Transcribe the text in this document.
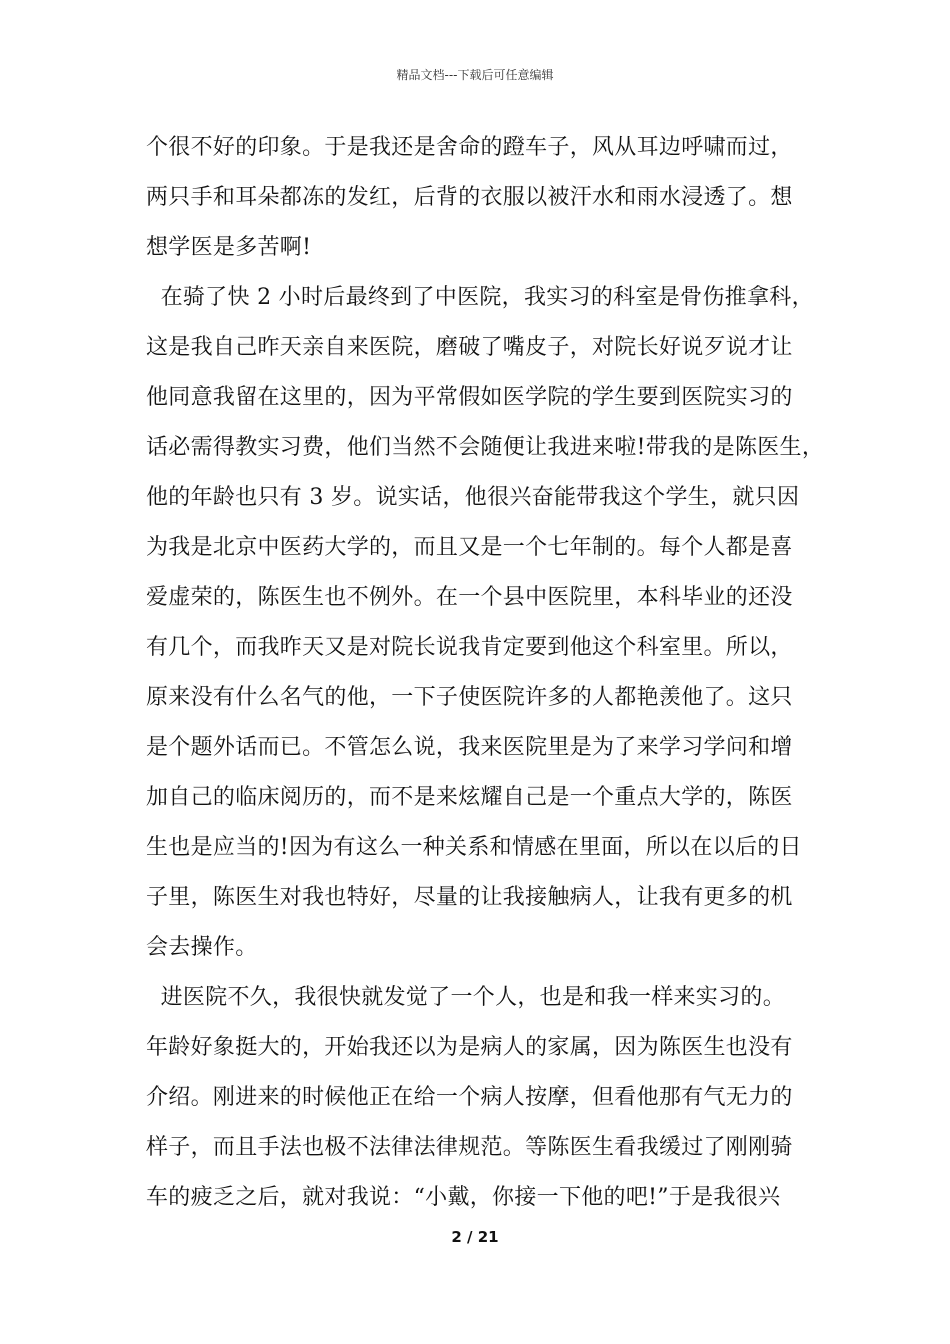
精品文档---下载后可任意编辑
个很不好的印象。于是我还是舍命的蹬车子，风从耳边呼啸而过，
两只手和耳朵都冻的发红，后背的衣服以被汗水和雨水浸透了。想
想学医是多苦啊!
在骑了快 2 小时后最终到了中医院，我实习的科室是骨伤推拿科，
这是我自己昨天亲自来医院，磨破了嘴皮子，对院长好说歹说才让
他同意我留在这里的，因为平常假如医学院的学生要到医院实习的
话必需得教实习费，他们当然不会随便让我进来啦!带我的是陈医生，
他的年龄也只有 3 岁。说实话，他很兴奋能带我这个学生，就只因
为我是北京中医药大学的，而且又是一个七年制的。每个人都是喜
爱虚荣的，陈医生也不例外。在一个县中医院里，本科毕业的还没
有几个，而我昨天又是对院长说我肯定要到他这个科室里。所以，
原来没有什么名气的他，一下子使医院许多的人都艳羡他了。这只
是个题外话而已。不管怎么说，我来医院里是为了来学习学问和增
加自己的临床阅历的，而不是来炫耀自己是一个重点大学的，陈医
生也是应当的!因为有这么一种关系和情感在里面，所以在以后的日
子里，陈医生对我也特好，尽量的让我接触病人，让我有更多的机
会去操作。
进医院不久，我很快就发觉了一个人，也是和我一样来实习的。
年龄好象挺大的，开始我还以为是病人的家属，因为陈医生也没有
介绍。刚进来的时候他正在给一个病人按摩，但看他那有气无力的
样子，而且手法也极不法律法律规范。等陈医生看我缓过了刚刚骑
车的疲乏之后，就对我说：“小戴，你接一下他的吧!”于是我很兴
2 / 21
